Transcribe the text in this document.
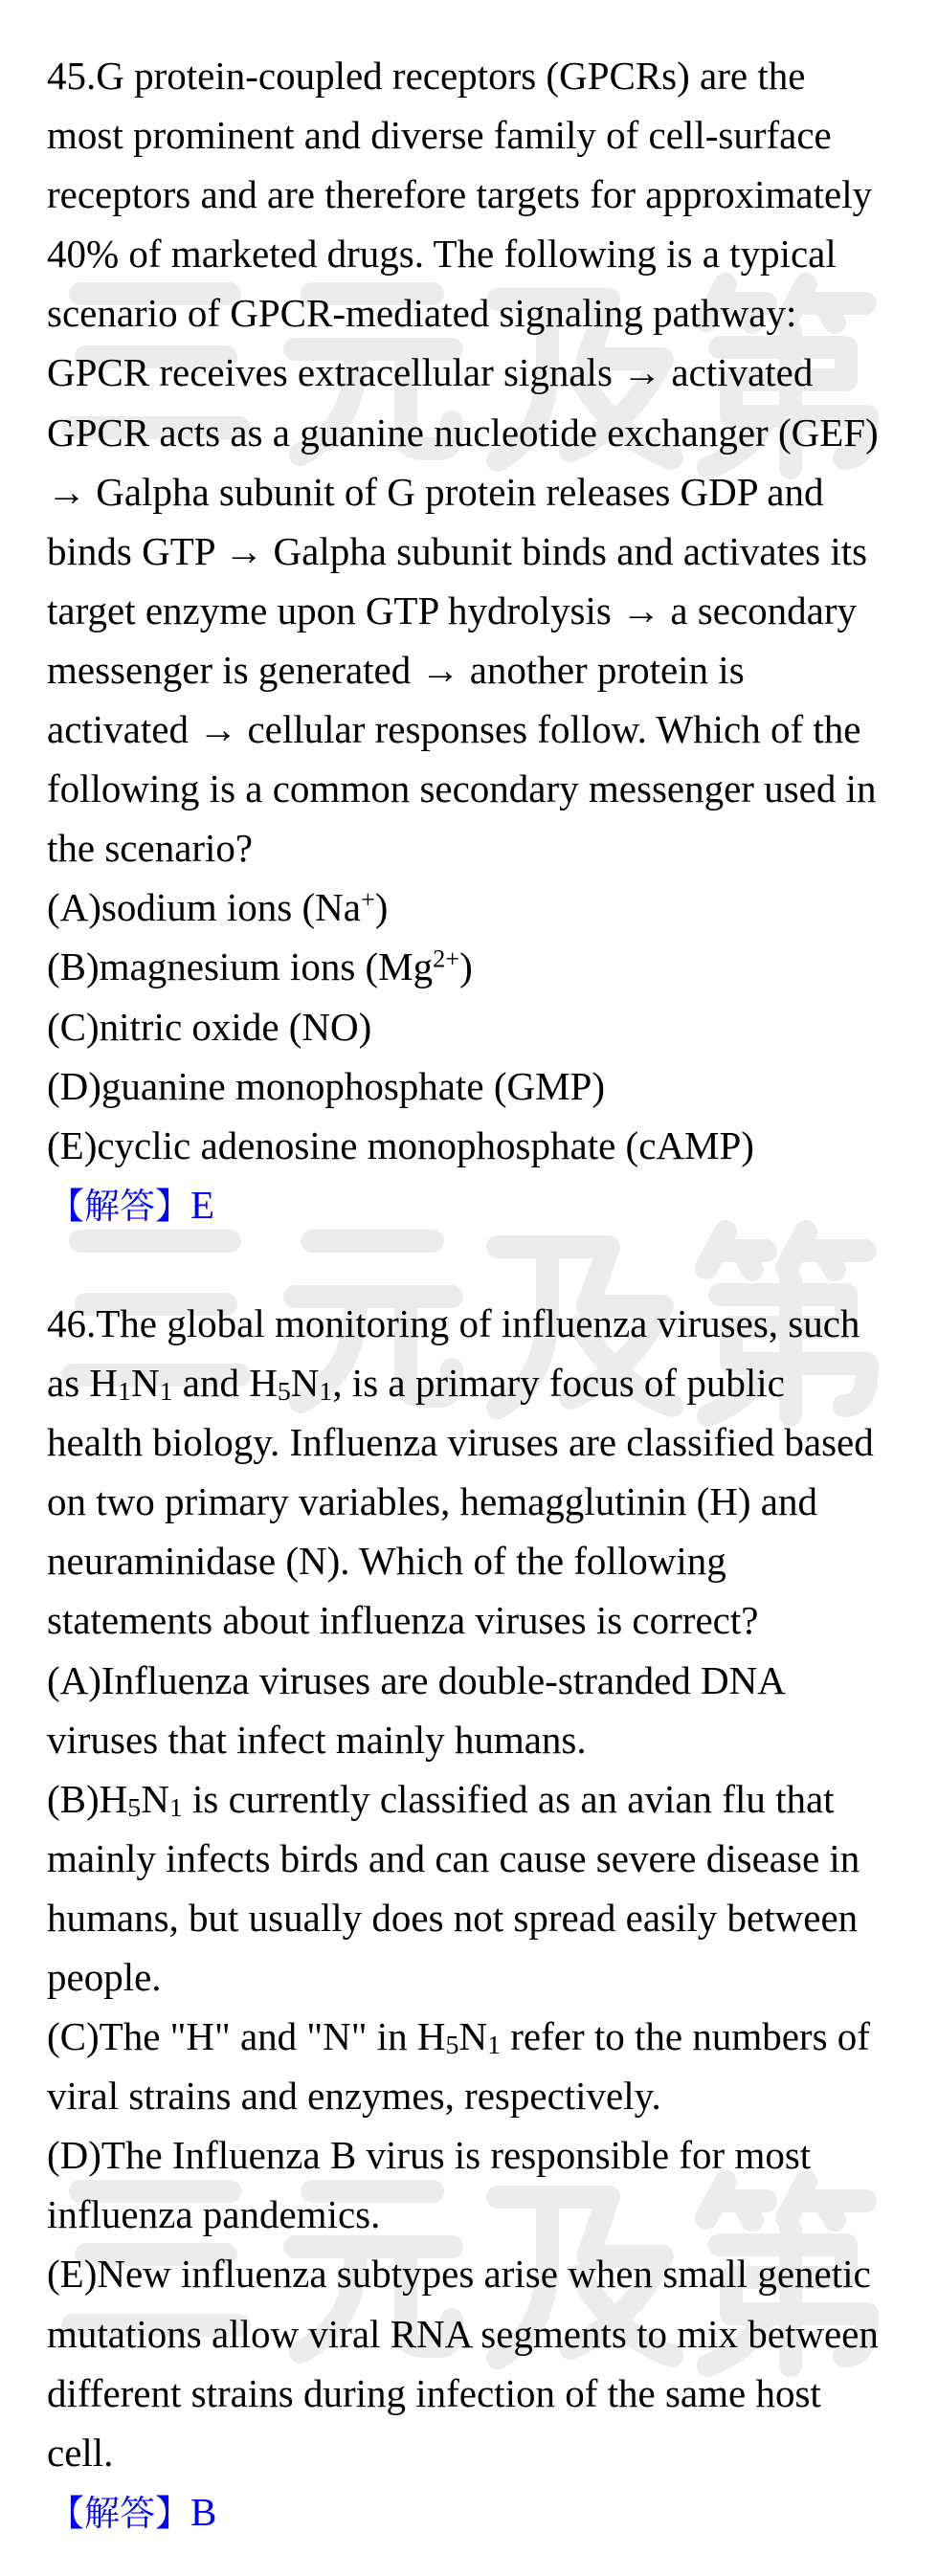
45.G protein-coupled receptors (GPCRs) are the
most prominent and diverse family of cell-surface
receptors and are therefore targets for approximately
40% of marketed drugs. The following is a typical
scenario of GPCR-mediated signaling pathway:
GPCR receives extracellular signals → activated
GPCR acts as a guanine nucleotide exchanger (GEF)
→ Galpha subunit of G protein releases GDP and
binds GTP → Galpha subunit binds and activates its
target enzyme upon GTP hydrolysis → a secondary
messenger is generated → another protein is
activated → cellular responses follow. Which of the
following is a common secondary messenger used in
the scenario?
(A)sodium ions (Na+)
(B)magnesium ions $(Mg^{2+})$
(C)nitric oxide (NO)
(D)guanine monophosphate (GMP)
(E)cyclic adenosine monophosphate (cAMP)
【解答】E
46.The global monitoring of influenza viruses, such
as H1N1 and H5N1, is a primary focus of public
health biology. Influenza viruses are classified based
on two primary variables, hemagglutinin (H) and
neuraminidase (N). Which of the following
statements about influenza viruses is correct?
(A)Influenza viruses are double-stranded DNA
viruses that infect mainly humans.
(B)H5N1 is currently classified as an avian flu that
mainly infects birds and can cause severe disease in
humans, but usually does not spread easily between
people.
(C)The "H" and "N" in H5N1 refer to the numbers of
viral strains and enzymes, respectively.
(D)The Influenza B virus is responsible for most
influenza pandemics.
(E)New influenza subtypes arise when small genetic
mutations allow viral RNA segments to mix between
different strains during infection of the same host
cell.
【解答】B
